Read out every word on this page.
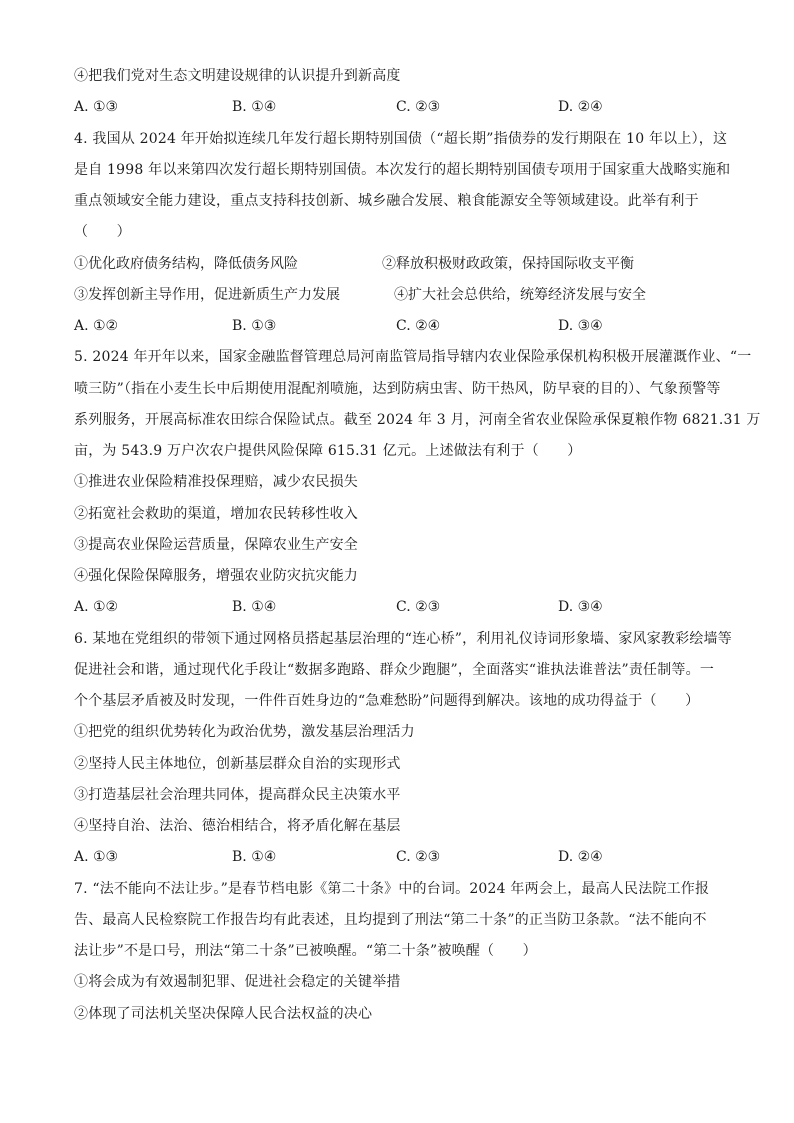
④把我们党对生态文明建设规律的认识提升到新高度
A. ①③	B. ①④	C. ②③	D. ②④
4. 我国从 2024 年开始拟连续几年发行超长期特别国债（“超长期”指债券的发行期限在 10 年以上），这
是自 1998 年以来第四次发行超长期特别国债。本次发行的超长期特别国债专项用于国家重大战略实施和
重点领域安全能力建设，重点支持科技创新、城乡融合发展、粮食能源安全等领域建设。此举有利于
（　　）
①优化政府债务结构，降低债务风险	②释放积极财政政策，保持国际收支平衡
③发挥创新主导作用，促进新质生产力发展	④扩大社会总供给，统筹经济发展与安全
A. ①②	B. ①③	C. ②④	D. ③④
5. 2024 年开年以来，国家金融监督管理总局河南监管局指导辖内农业保险承保机构积极开展灌溉作业、“一
喷三防”（指在小麦生长中后期使用混配剂喷施，达到防病虫害、防干热风，防早衰的目的）、气象预警等
系列服务，开展高标准农田综合保险试点。截至 2024 年 3 月，河南全省农业保险承保夏粮作物 6821.31 万
亩，为 543.9 万户次农户提供风险保障 615.31 亿元。上述做法有利于（　　）
①推进农业保险精准投保理赔，减少农民损失
②拓宽社会救助的渠道，增加农民转移性收入
③提高农业保险运营质量，保障农业生产安全
④强化保险保障服务，增强农业防灾抗灾能力
A. ①②	B. ①④	C. ②③	D. ③④
6. 某地在党组织的带领下通过网格员搭起基层治理的“连心桥”，利用礼仪诗词形象墙、家风家教彩绘墙等
促进社会和谐，通过现代化手段让“数据多跑路、群众少跑腿”，全面落实“谁执法谁普法”责任制等。一
个个基层矛盾被及时发现，一件件百姓身边的“急难愁盼”问题得到解决。该地的成功得益于（　　）
①把党的组织优势转化为政治优势，激发基层治理活力
②坚持人民主体地位，创新基层群众自治的实现形式
③打造基层社会治理共同体，提高群众民主决策水平
④坚持自治、法治、德治相结合，将矛盾化解在基层
A. ①③	B. ①④	C. ②③	D. ②④
7. “法不能向不法让步。”是春节档电影《第二十条》中的台词。2024 年两会上，最高人民法院工作报
告、最高人民检察院工作报告均有此表述，且均提到了刑法“第二十条”的正当防卫条款。“法不能向不
法让步”不是口号，刑法“第二十条”已被唤醒。“第二十条”被唤醒（　　）
①将会成为有效遏制犯罪、促进社会稳定的关键举措
②体现了司法机关坚决保障人民合法权益的决心
